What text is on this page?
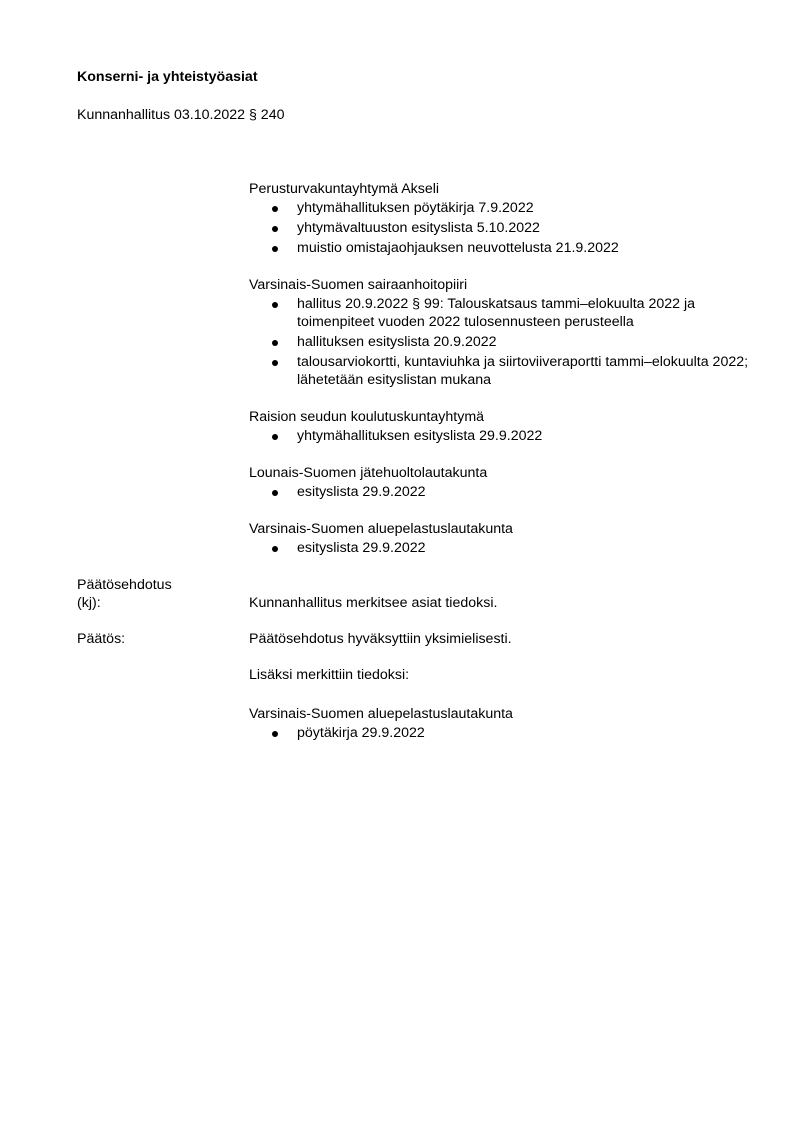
Konserni- ja yhteistyöasiat
Kunnanhallitus 03.10.2022 § 240
Perusturvakuntayhtymä Akseli
yhtymähallituksen pöytäkirja 7.9.2022
yhtymävaltuuston esityslista 5.10.2022
muistio omistajaohjauksen neuvottelusta 21.9.2022
Varsinais-Suomen sairaanhoitopiiri
hallitus 20.9.2022 § 99: Talouskatsaus tammi–elokuulta 2022 ja toimenpiteet vuoden 2022 tulosennusteen perusteella
hallituksen esityslista 20.9.2022
talousarviokortti, kuntaviuhka ja siirtoviiveraportti tammi–elokuulta 2022; lähetetään esityslistan mukana
Raision seudun koulutuskuntayhtymä
yhtymähallituksen esityslista 29.9.2022
Lounais-Suomen jätehuoltolautakunta
esityslista 29.9.2022
Varsinais-Suomen aluepelastuslautakunta
esityslista 29.9.2022
Päätösehdotus
(kj):	Kunnanhallitus merkitsee asiat tiedoksi.
Päätös:	Päätösehdotus hyväksyttiin yksimielisesti.
Lisäksi merkittiin tiedoksi:
Varsinais-Suomen aluepelastuslautakunta
pöytäkirja 29.9.2022
